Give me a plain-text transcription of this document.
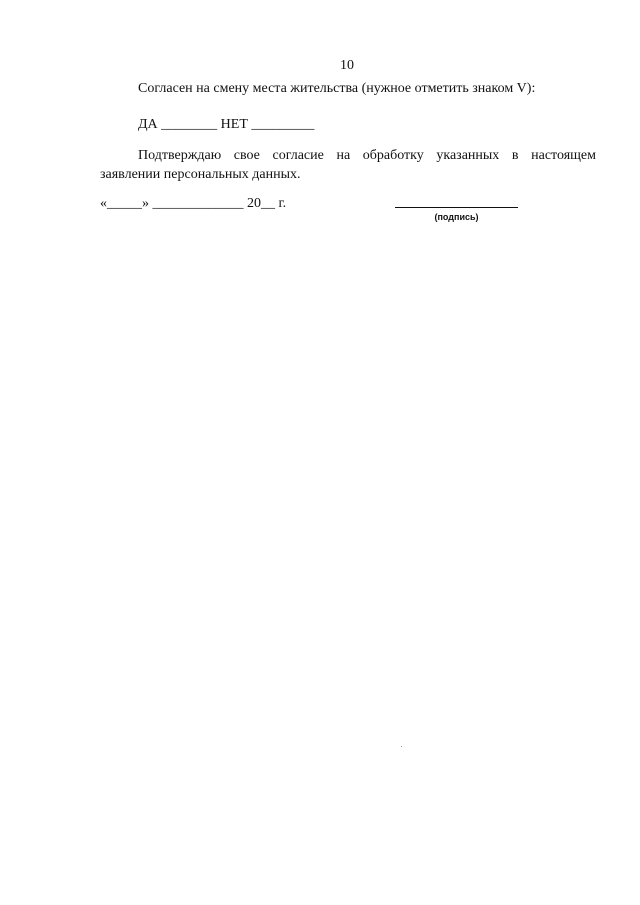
10
Согласен на смену места жительства (нужное отметить знаком V):
ДА ________ НЕТ _________
Подтверждаю свое согласие на обработку указанных в настоящем
заявлении персональных данных.
«_____» _____________ 20__ г.
(подпись)
